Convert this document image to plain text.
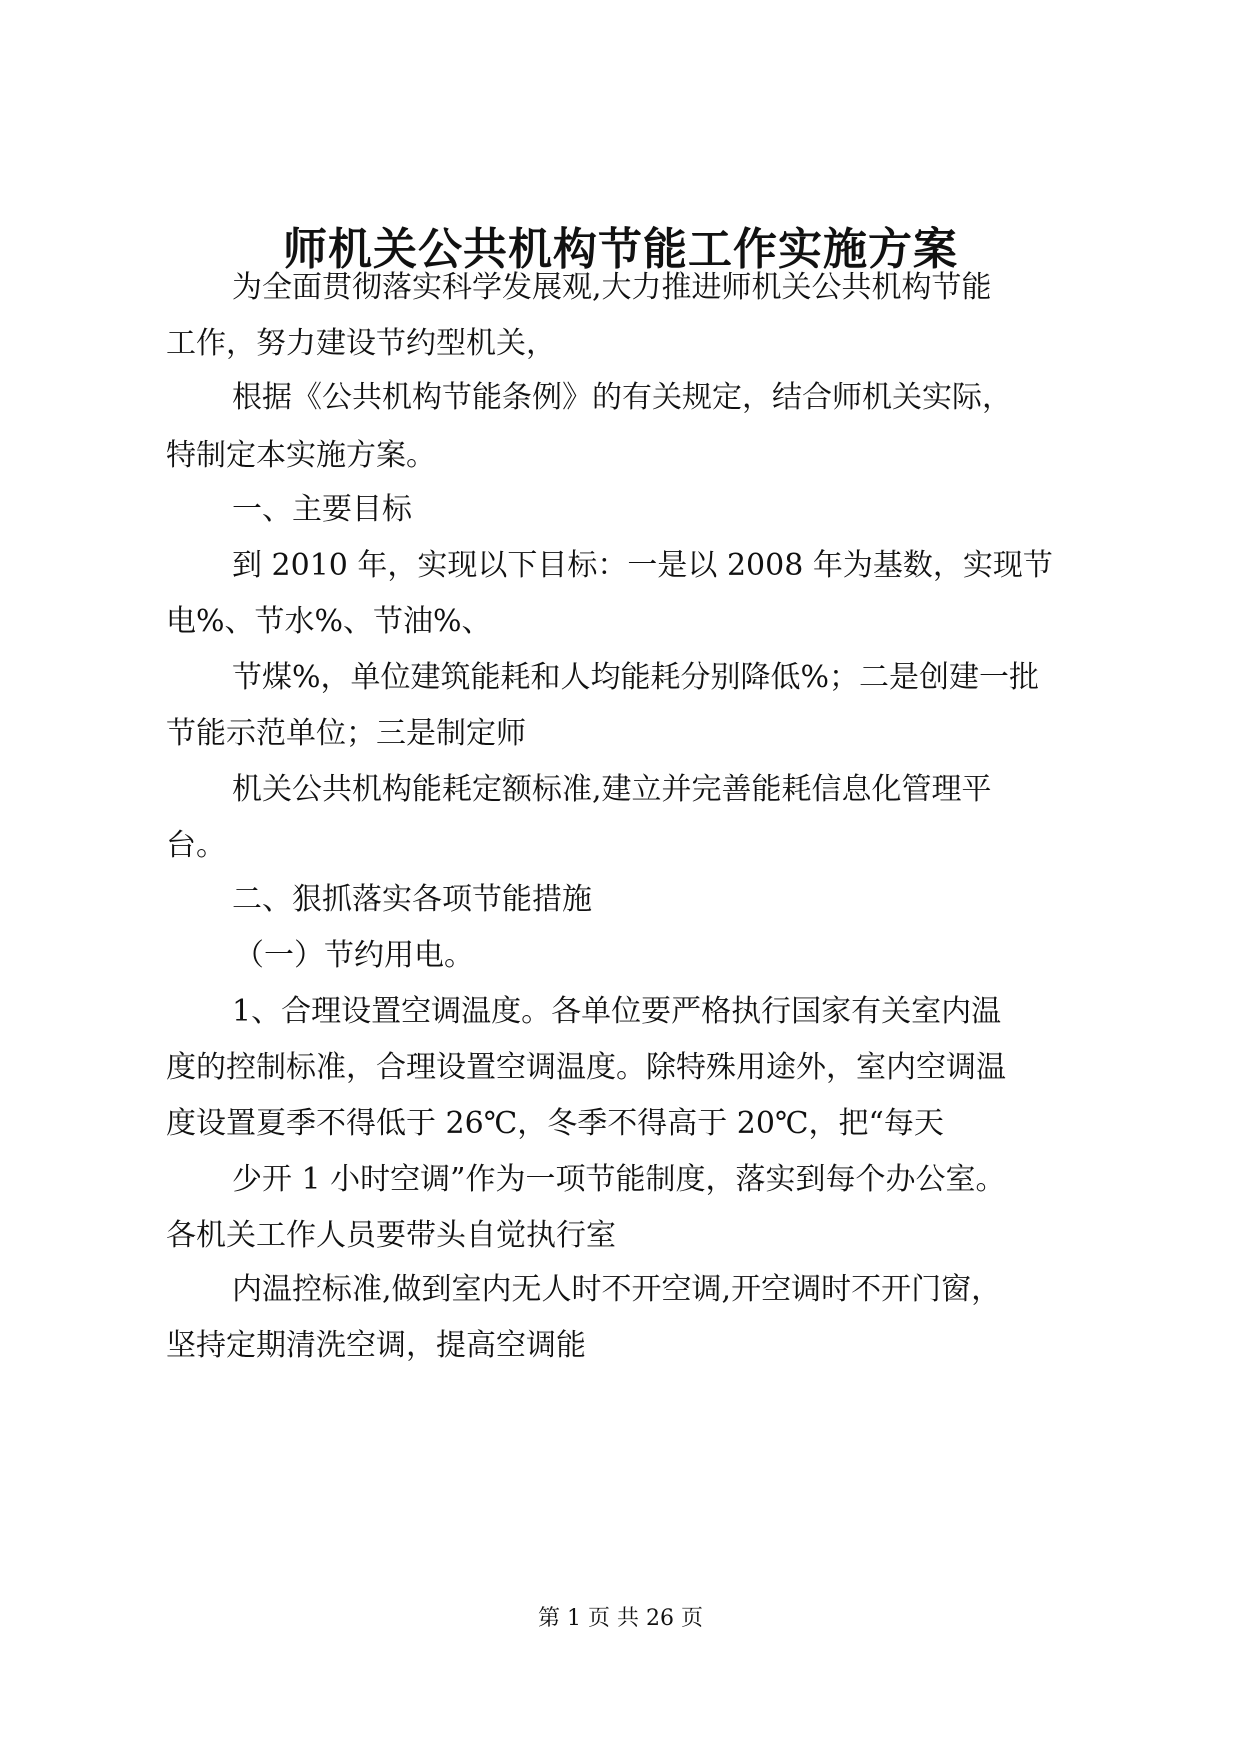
师机关公共机构节能工作实施方案

为全面贯彻落实科学发展观,大力推进师机关公共机构节能

工作，努力建设节约型机关，

根据《公共机构节能条例》的有关规定，结合师机关实际，

特制定本实施方案。

一、主要目标

到 2010 年，实现以下目标：一是以 2008 年为基数，实现节

电%、节水%、节油%、

节煤%，单位建筑能耗和人均能耗分别降低%；二是创建一批

节能示范单位；三是制定师

机关公共机构能耗定额标准,建立并完善能耗信息化管理平

台。

二、狠抓落实各项节能措施

（一）节约用电。

1、合理设置空调温度。各单位要严格执行国家有关室内温

度的控制标准，合理设置空调温度。除特殊用途外，室内空调温

度设置夏季不得低于 26℃，冬季不得高于 20℃，把“每天

少开 1 小时空调”作为一项节能制度，落实到每个办公室。

各机关工作人员要带头自觉执行室

内温控标准,做到室内无人时不开空调,开空调时不开门窗，

坚持定期清洗空调，提高空调能

第 1 页 共 26 页
